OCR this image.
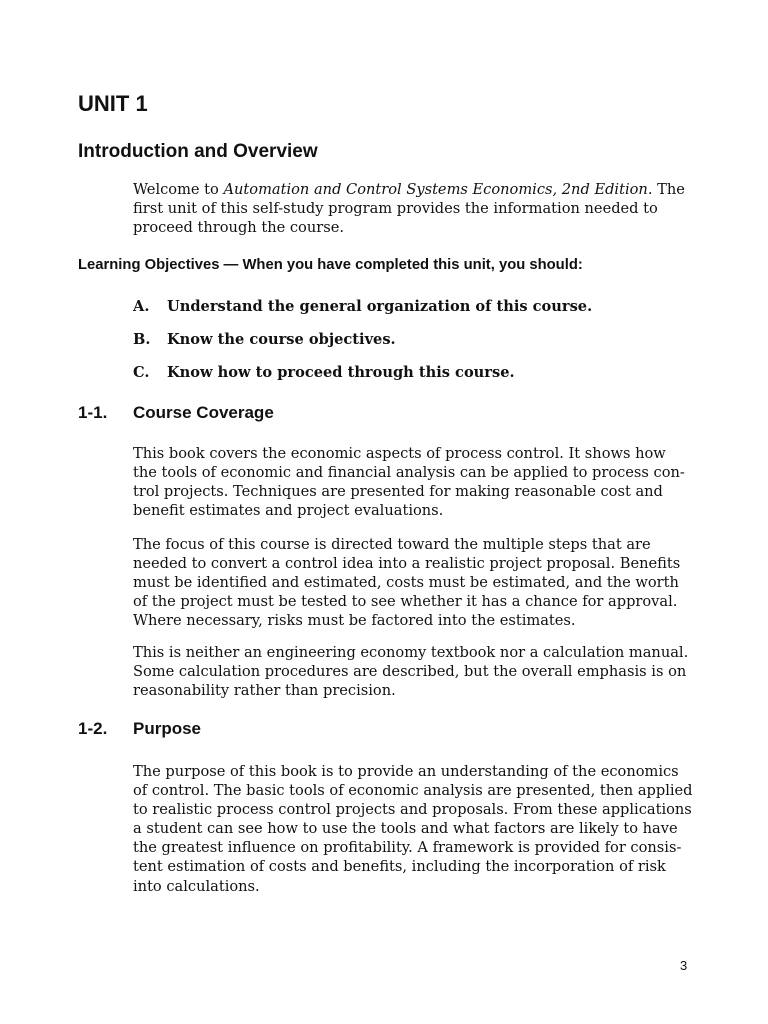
UNIT 1
Introduction and Overview

Welcome to Automation and Control Systems Economics, 2nd Edition. The
first unit of this self-study program provides the information needed to
proceed through the course.

Learning Objectives — When you have completed this unit, you should:
A. Understand the general organization of this course.
B. Know the course objectives.
C. Know how to proceed through this course.
1-1. Course Coverage

This book covers the economic aspects of process control. It shows how
the tools of economic and financial analysis can be applied to process con-
trol projects. Techniques are presented for making reasonable cost and
benefit estimates and project evaluations.

The focus of this course is directed toward the multiple steps that are
needed to convert a control idea into a realistic project proposal. Benefits
must be identified and estimated, costs must be estimated, and the worth
of the project must be tested to see whether it has a chance for approval.
Where necessary, risks must be factored into the estimates.

This is neither an engineering economy textbook nor a calculation manual.
Some calculation procedures are described, but the overall emphasis is on
reasonability rather than precision.

1-2. Purpose

The purpose of this book is to provide an understanding of the economics
of control. The basic tools of economic analysis are presented, then applied
to realistic process control projects and proposals. From these applications
a student can see how to use the tools and what factors are likely to have
the greatest influence on profitability. A framework is provided for consis-
tent estimation of costs and benefits, including the incorporation of risk
into calculations.

3
